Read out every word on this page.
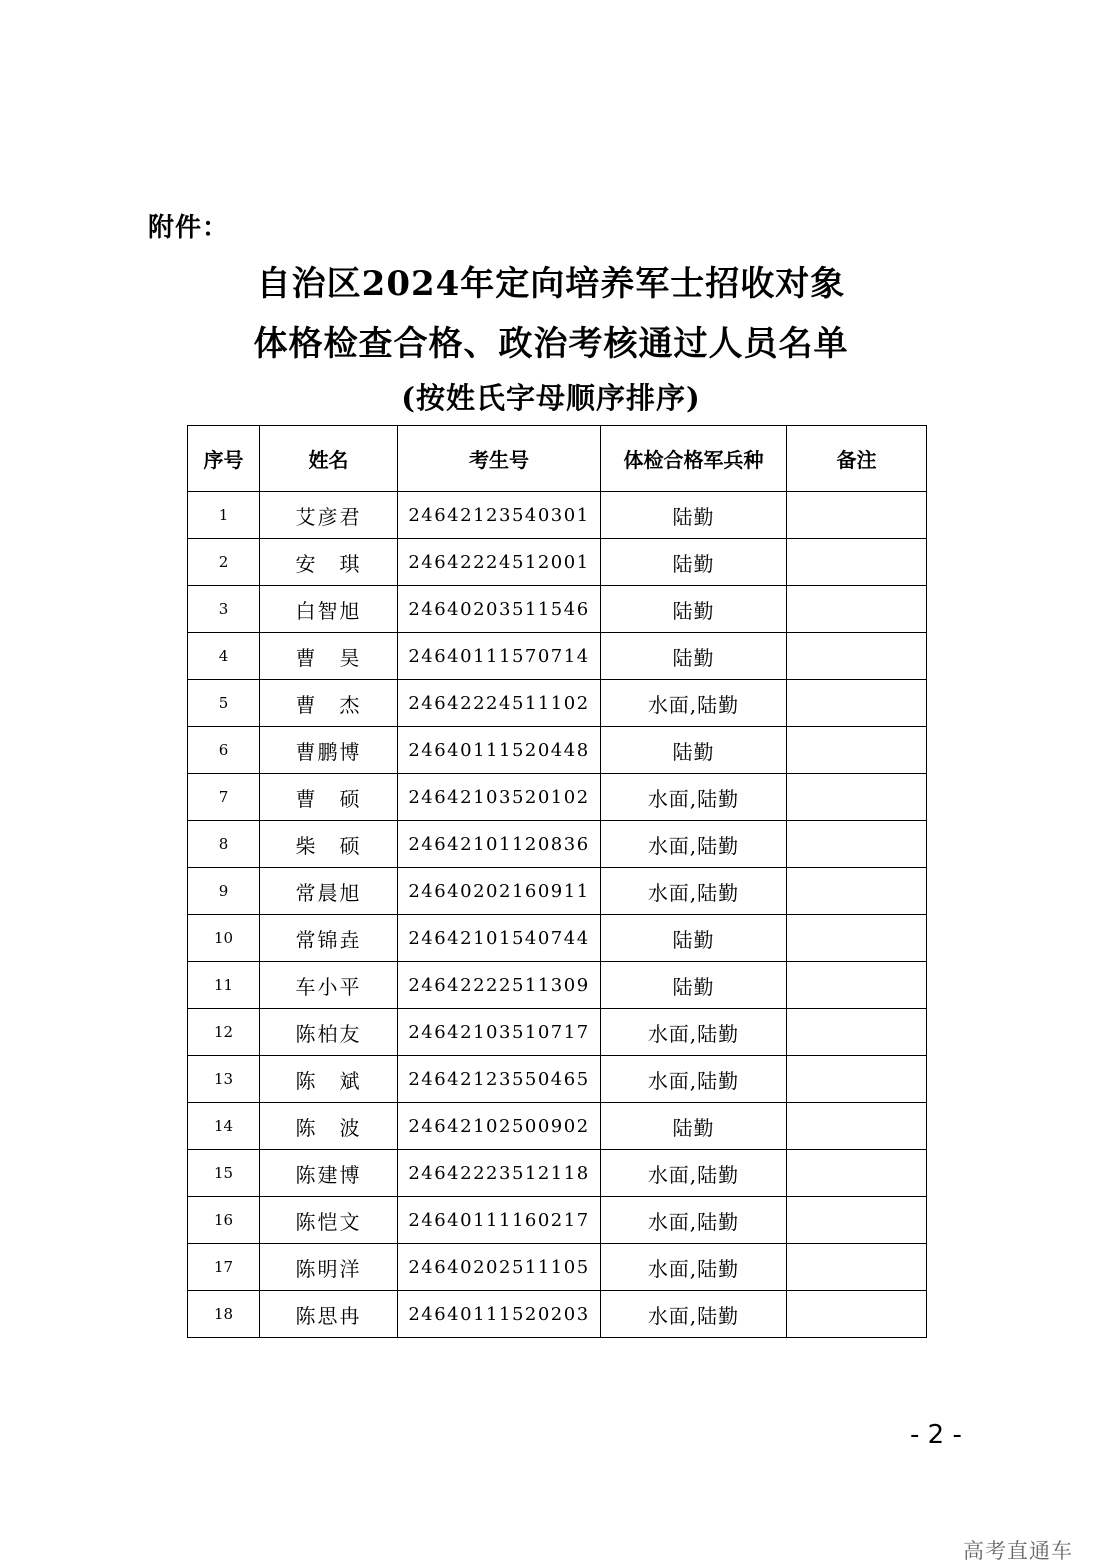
附件：
自治区2024年定向培养军士招收对象
体格检查合格、政治考核通过人员名单
(按姓氏字母顺序排序)
序号	姓名	考生号	体检合格军兵种	备注
1	艾彦君	24642123540301	陆勤	
2	安　琪	24642224512001	陆勤	
3	白智旭	24640203511546	陆勤	
4	曹　昊	24640111570714	陆勤	
5	曹　杰	24642224511102	水面,陆勤	
6	曹鹏博	24640111520448	陆勤	
7	曹　硕	24642103520102	水面,陆勤	
8	柴　硕	24642101120836	水面,陆勤	
9	常晨旭	24640202160911	水面,陆勤	
10	常锦垚	24642101540744	陆勤	
11	车小平	24642222511309	陆勤	
12	陈柏友	24642103510717	水面,陆勤	
13	陈　斌	24642123550465	水面,陆勤	
14	陈　波	24642102500902	陆勤	
15	陈建博	24642223512118	水面,陆勤	
16	陈恺文	24640111160217	水面,陆勤	
17	陈明洋	24640202511105	水面,陆勤	
18	陈思冉	24640111520203	水面,陆勤	
- 2 -
高考直通车
